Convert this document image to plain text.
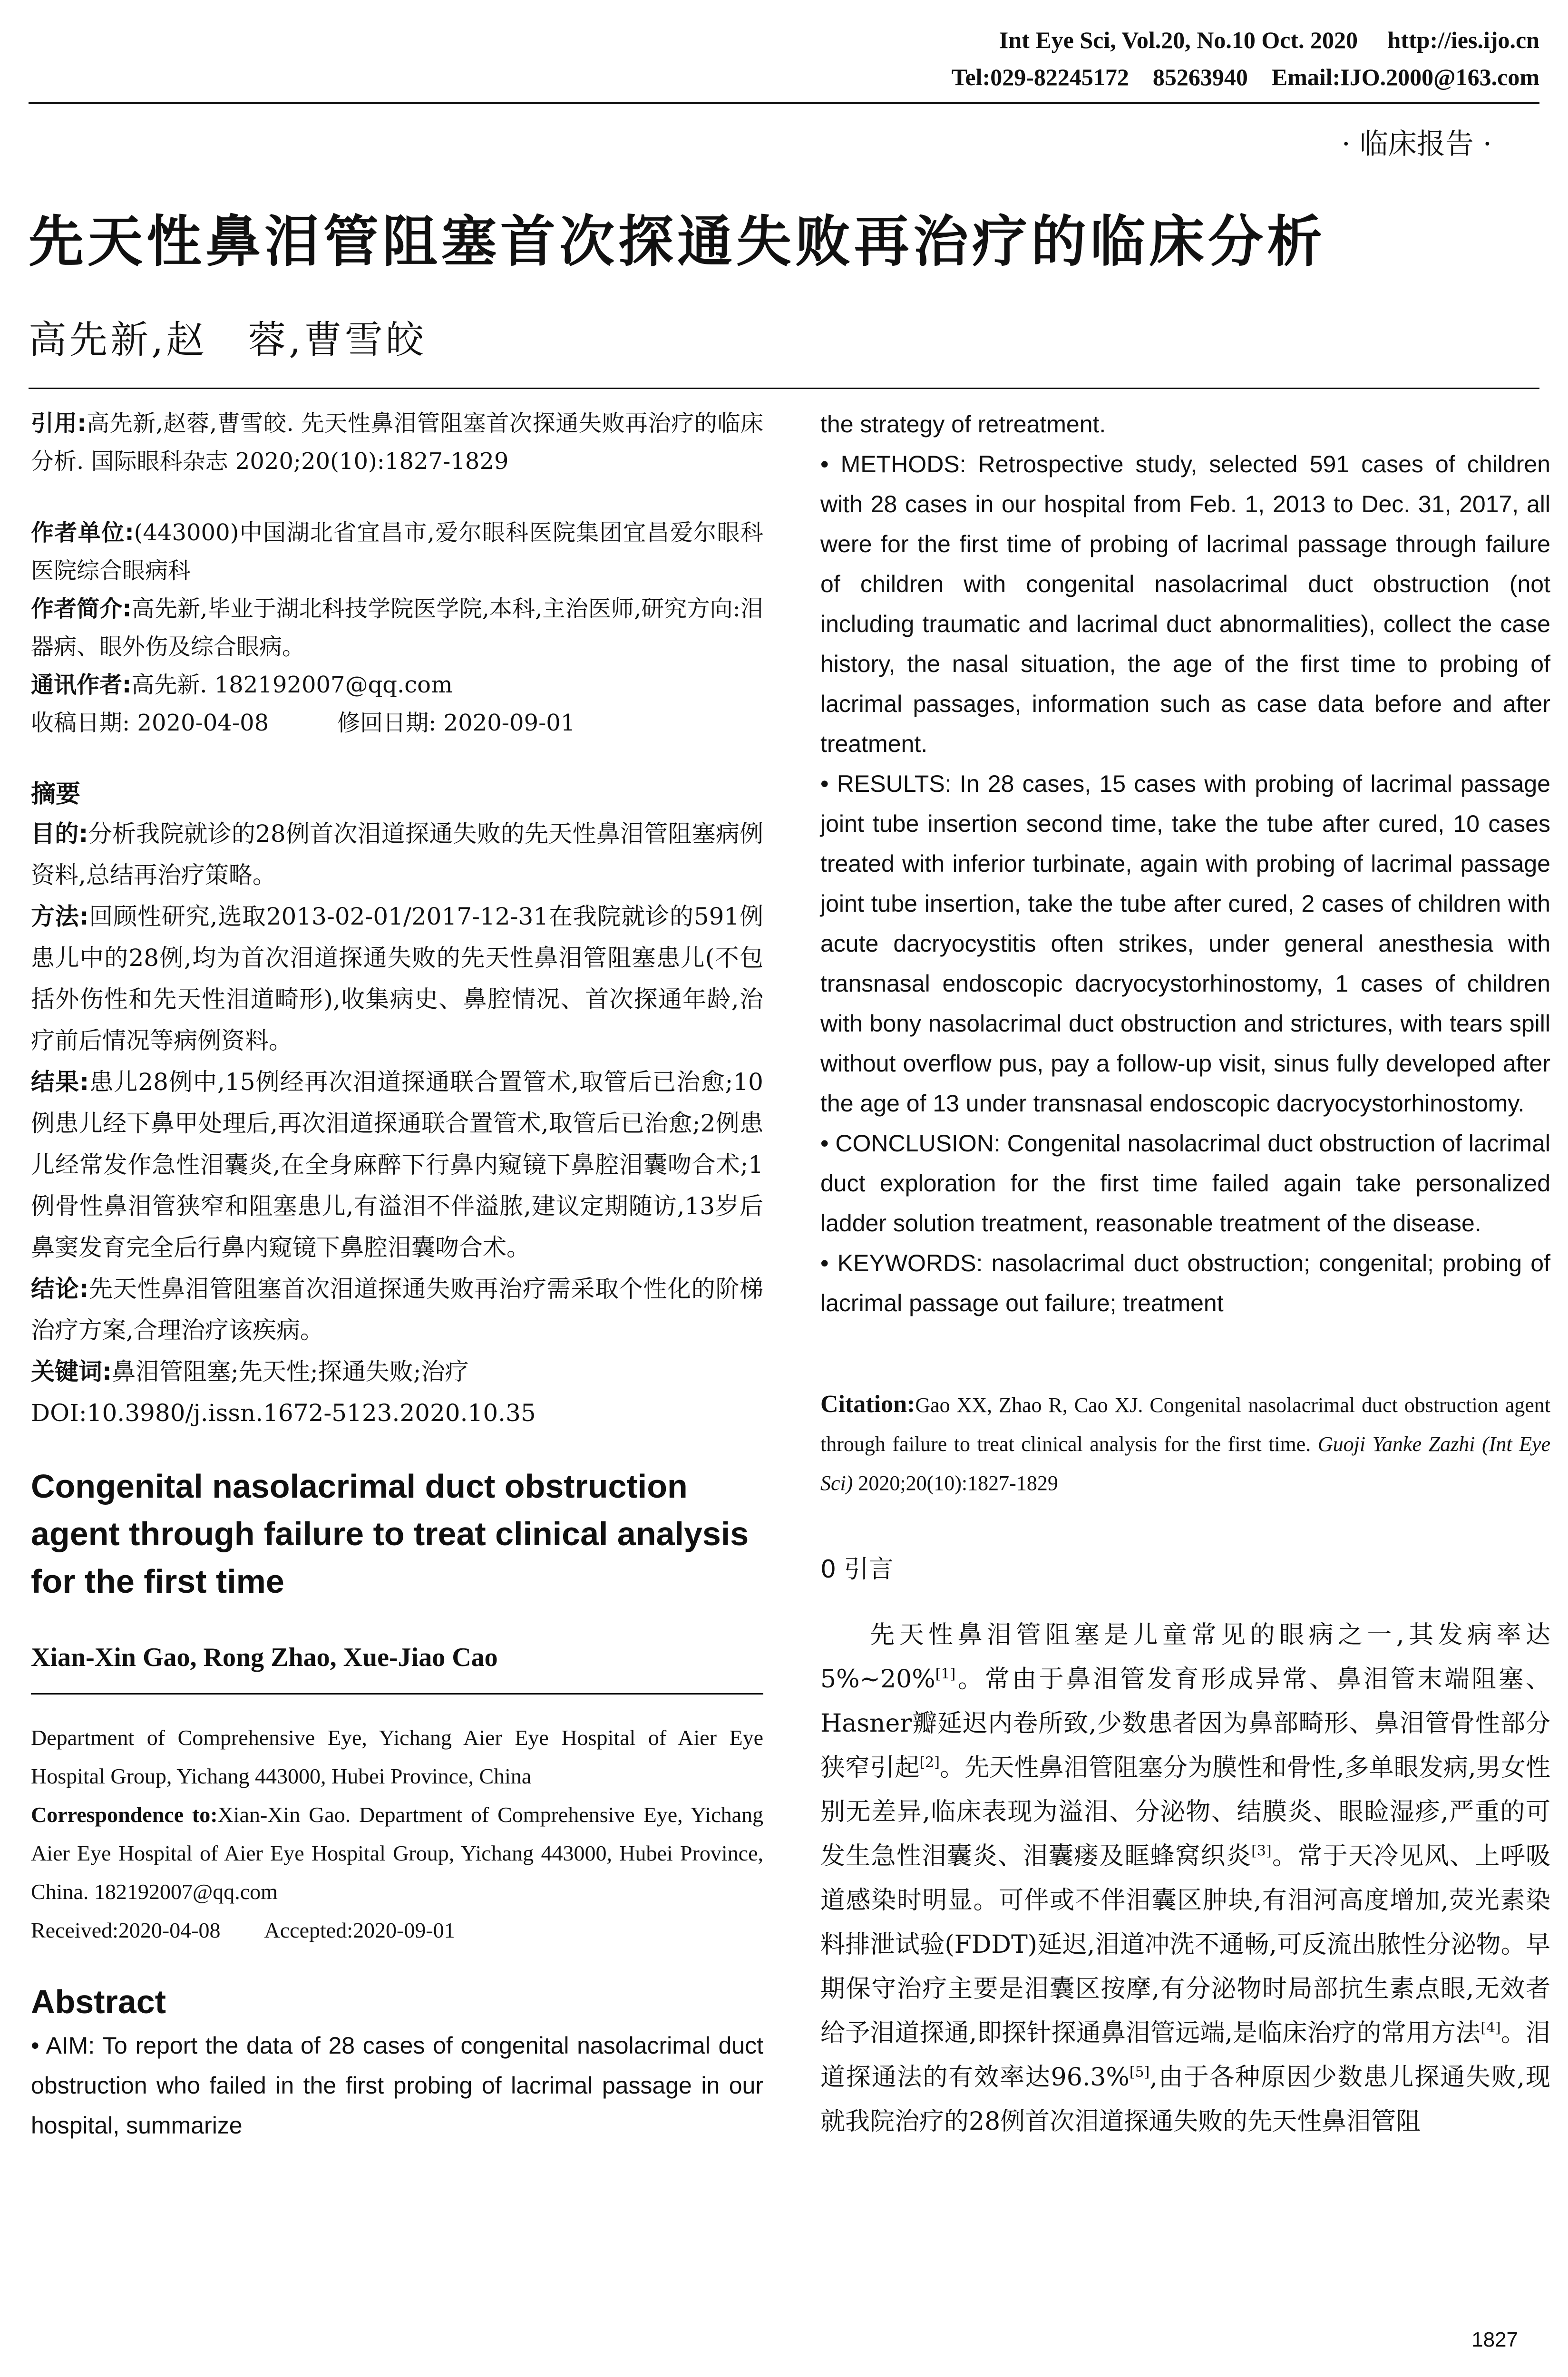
Int Eye Sci, Vol.20, No.10 Oct. 2020     http://ies.ijo.cn
Tel:029-82245172    85263940    Email:IJO.2000@163.com
· 临床报告 ·
先天性鼻泪管阻塞首次探通失败再治疗的临床分析
高先新,赵　蓉,曹雪皎

引用:高先新,赵蓉,曹雪皎. 先天性鼻泪管阻塞首次探通失败再治疗的临床分析. 国际眼科杂志 2020;20(10):1827-1829

作者单位:(443000)中国湖北省宜昌市,爱尔眼科医院集团宜昌爱尔眼科医院综合眼病科

作者简介:高先新,毕业于湖北科技学院医学院,本科,主治医师,研究方向:泪器病、眼外伤及综合眼病。

通讯作者:高先新. 182192007@qq.com

收稿日期: 2020-04-08　　　修回日期: 2020-09-01

摘要

目的:分析我院就诊的28例首次泪道探通失败的先天性鼻泪管阻塞病例资料,总结再治疗策略。

方法:回顾性研究,选取2013-02-01/2017-12-31在我院就诊的591例患儿中的28例,均为首次泪道探通失败的先天性鼻泪管阻塞患儿(不包括外伤性和先天性泪道畸形),收集病史、鼻腔情况、首次探通年龄,治疗前后情况等病例资料。

结果:患儿28例中,15例经再次泪道探通联合置管术,取管后已治愈;10例患儿经下鼻甲处理后,再次泪道探通联合置管术,取管后已治愈;2例患儿经常发作急性泪囊炎,在全身麻醉下行鼻内窥镜下鼻腔泪囊吻合术;1例骨性鼻泪管狭窄和阻塞患儿,有溢泪不伴溢脓,建议定期随访,13岁后鼻窦发育完全后行鼻内窥镜下鼻腔泪囊吻合术。

结论:先天性鼻泪管阻塞首次泪道探通失败再治疗需采取个性化的阶梯治疗方案,合理治疗该疾病。

关键词:鼻泪管阻塞;先天性;探通失败;治疗

DOI:10.3980/j.issn.1672-5123.2020.10.35

Congenital nasolacrimal duct obstruction agent through failure to treat clinical analysis for the first time

Xian-Xin Gao, Rong Zhao, Xue-Jiao Cao

Department of Comprehensive Eye, Yichang Aier Eye Hospital of Aier Eye Hospital Group, Yichang 443000, Hubei Province, China

Correspondence to:Xian-Xin Gao. Department of Comprehensive Eye, Yichang Aier Eye Hospital of Aier Eye Hospital Group, Yichang 443000, Hubei Province, China. 182192007@qq.com

Received:2020-04-08　　Accepted:2020-09-01

Abstract

• AIM: To report the data of 28 cases of congenital nasolacrimal duct obstruction who failed in the first probing of lacrimal passage in our hospital, summarize

the strategy of retreatment.

• METHODS: Retrospective study, selected 591 cases of children with 28 cases in our hospital from Feb. 1, 2013 to Dec. 31, 2017, all were for the first time of probing of lacrimal passage through failure of children with congenital nasolacrimal duct obstruction (not including traumatic and lacrimal duct abnormalities), collect the case history, the nasal situation, the age of the first time to probing of lacrimal passages, information such as case data before and after treatment.

• RESULTS: In 28 cases, 15 cases with probing of lacrimal passage joint tube insertion second time, take the tube after cured, 10 cases treated with inferior turbinate, again with probing of lacrimal passage joint tube insertion, take the tube after cured, 2 cases of children with acute dacryocystitis often strikes, under general anesthesia with transnasal endoscopic dacryocystorhinostomy, 1 cases of children with bony nasolacrimal duct obstruction and strictures, with tears spill without overflow pus, pay a follow-up visit, sinus fully developed after the age of 13 under transnasal endoscopic dacryocystorhinostomy.

• CONCLUSION: Congenital nasolacrimal duct obstruction of lacrimal duct exploration for the first time failed again take personalized ladder solution treatment, reasonable treatment of the disease.

• KEYWORDS: nasolacrimal duct obstruction; congenital; probing of lacrimal passage out failure; treatment

Citation:Gao XX, Zhao R, Cao XJ. Congenital nasolacrimal duct obstruction agent through failure to treat clinical analysis for the first time. Guoji Yanke Zazhi (Int Eye Sci) 2020;20(10):1827-1829

0 引言

先天性鼻泪管阻塞是儿童常见的眼病之一,其发病率达5%~20%[1]。常由于鼻泪管发育形成异常、鼻泪管末端阻塞、Hasner瓣延迟内卷所致,少数患者因为鼻部畸形、鼻泪管骨性部分狭窄引起[2]。先天性鼻泪管阻塞分为膜性和骨性,多单眼发病,男女性别无差异,临床表现为溢泪、分泌物、结膜炎、眼睑湿疹,严重的可发生急性泪囊炎、泪囊瘘及眶蜂窝织炎[3]。常于天冷见风、上呼吸道感染时明显。可伴或不伴泪囊区肿块,有泪河高度增加,荧光素染料排泄试验(FDDT)延迟,泪道冲洗不通畅,可反流出脓性分泌物。早期保守治疗主要是泪囊区按摩,有分泌物时局部抗生素点眼,无效者给予泪道探通,即探针探通鼻泪管远端,是临床治疗的常用方法[4]。泪道探通法的有效率达96.3%[5],由于各种原因少数患儿探通失败,现就我院治疗的28例首次泪道探通失败的先天性鼻泪管阻

1827
